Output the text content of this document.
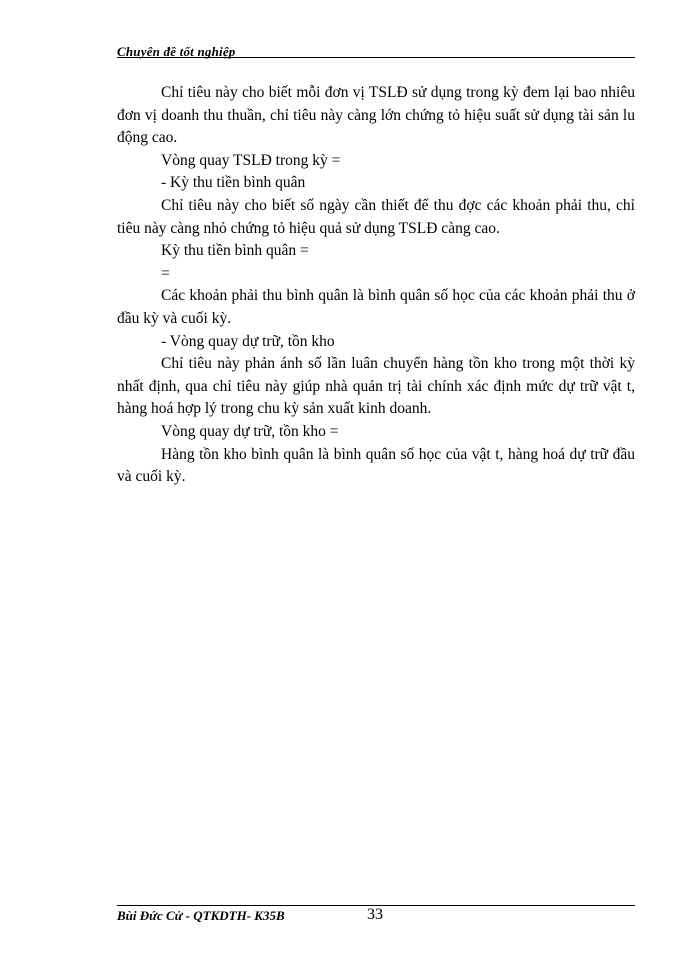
Chuyên đề tốt nghiệp

Chỉ tiêu này cho biết mỗi đơn vị TSLĐ sử dụng trong kỳ đem lại bao nhiêu đơn vị doanh thu thuần, chỉ tiêu này càng lớn chứng tỏ hiệu suất sử dụng tài sản lu động cao.

Vòng quay TSLĐ trong kỳ =

- Kỳ thu tiền bình quân

Chỉ tiêu này cho biết số ngày cần thiết để thu đợc các khoản phải thu, chỉ tiêu này càng nhỏ chứng tỏ hiệu quả sử dụng TSLĐ càng cao.

Kỳ thu tiền bình quân =

=

Các khoản phải thu bình quân là bình quân số học của các khoản phải thu ở đầu kỳ và cuối kỳ.

- Vòng quay dự trữ, tồn kho

Chỉ tiêu này phản ánh số lần luân chuyển hàng tồn kho trong một thời kỳ nhất định, qua chỉ tiêu này giúp nhà quản trị tài chính xác định mức dự trữ vật t, hàng hoá hợp lý trong chu kỳ sản xuất kinh doanh.

Vòng quay dự trữ, tồn kho =

Hàng tồn kho bình quân là bình quân số học của vật t, hàng hoá dự trữ đầu và cuối kỳ.

Bùi Đức Cử - QTKDTH- K35B	33
